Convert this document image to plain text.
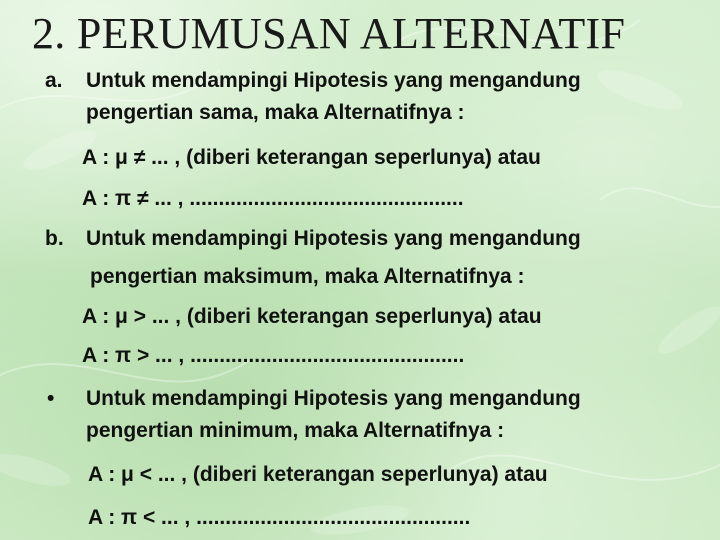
2. PERUMUSAN ALTERNATIF

a. Untuk mendampingi Hipotesis yang mengandung

pengertian sama, maka Alternatifnya :

A : μ ≠ ... , (diberi keterangan seperlunya) atau

A : π ≠ ... , ...............................................

b. Untuk mendampingi Hipotesis yang mengandung

pengertian maksimum, maka Alternatifnya :

A : μ > ... , (diberi keterangan seperlunya) atau

A : π > ... , ...............................................

• Untuk mendampingi Hipotesis yang mengandung

pengertian minimum, maka Alternatifnya :

A : μ < ... , (diberi keterangan seperlunya) atau

A : π < ... , ...............................................
